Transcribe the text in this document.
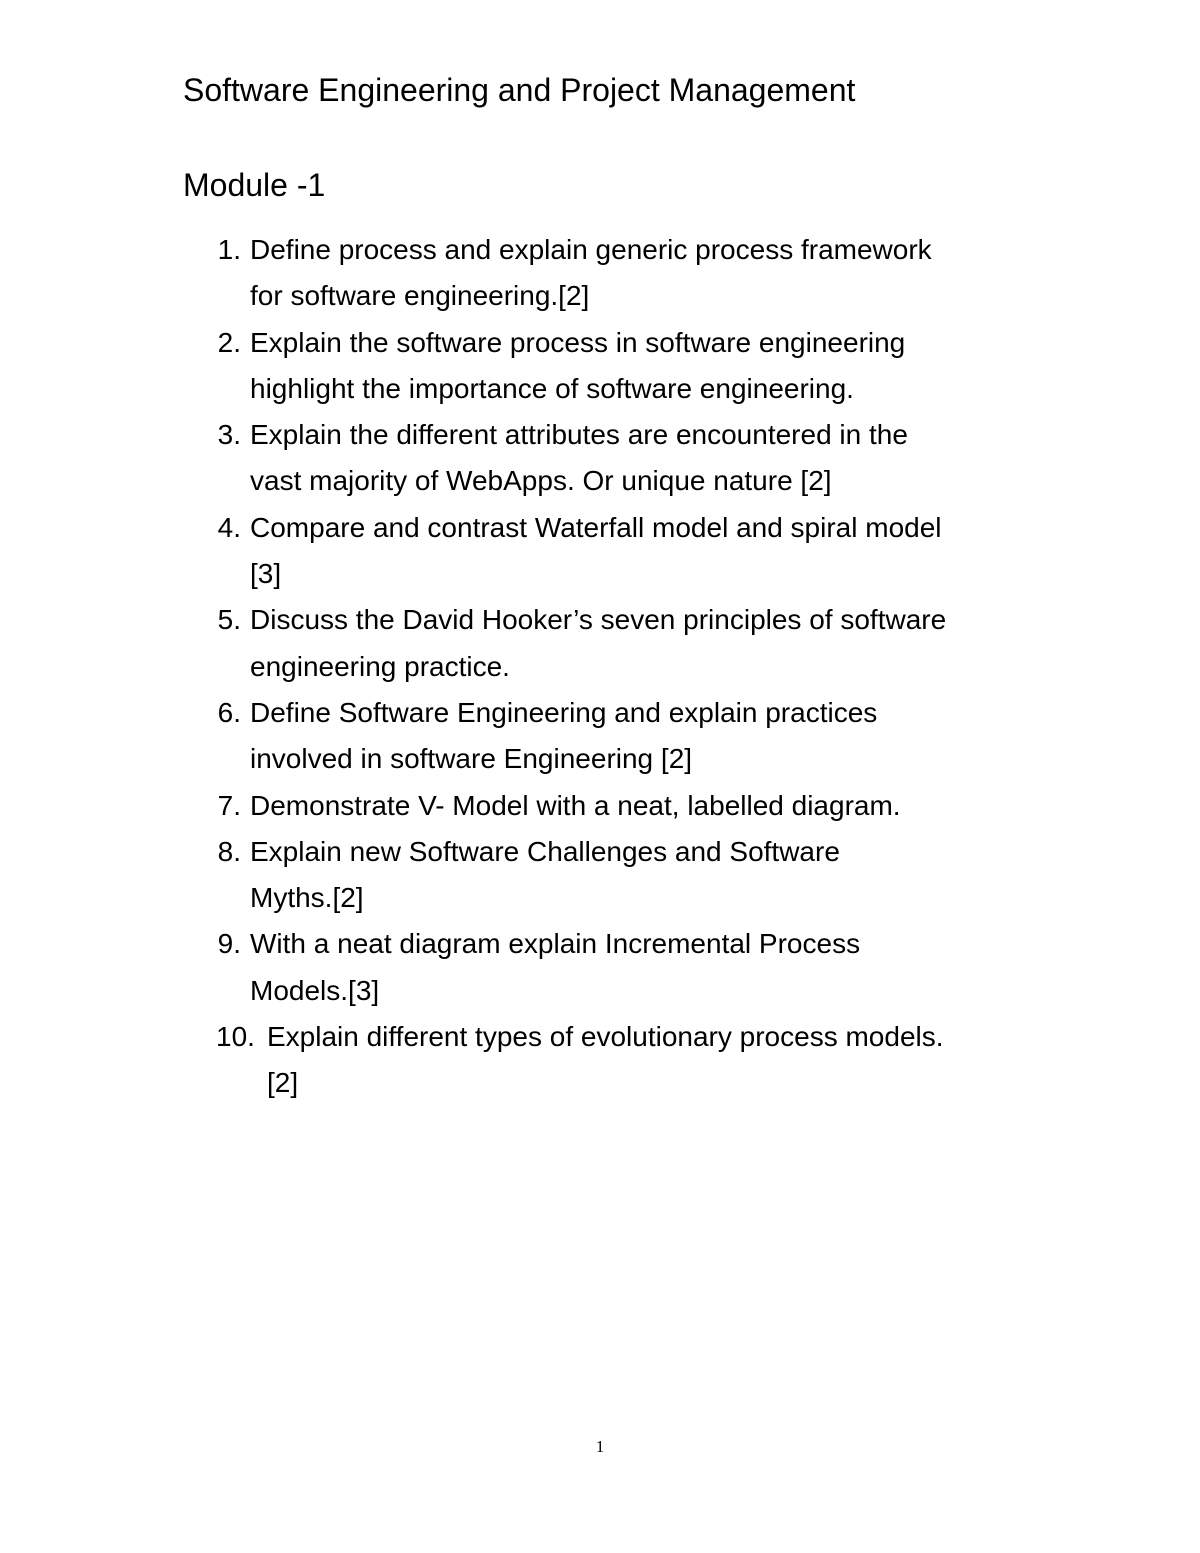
Software Engineering and Project Management
Module -1
1. Define process and explain generic process framework
for software engineering.[2]
2. Explain the software process in software engineering
highlight the importance of software engineering.
3. Explain the different attributes are encountered in the
vast majority of WebApps. Or unique nature [2]
4. Compare and contrast Waterfall model and spiral model
[3]
5. Discuss the David Hooker’s seven principles of software
engineering practice.
6. Define Software Engineering and explain practices
involved in software Engineering [2]
7. Demonstrate V- Model with a neat, labelled diagram.
8. Explain new Software Challenges and Software
Myths.[2]
9. With a neat diagram explain Incremental Process
Models.[3]
10. Explain different types of evolutionary process models.
[2]
1
